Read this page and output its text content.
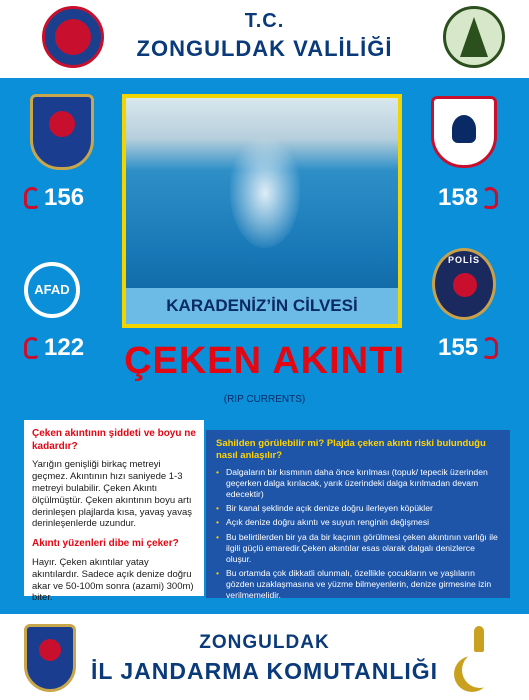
T.C.
ZONGULDAK VALİLİĞİ
156
AFAD
122
158
POLİS
155
KARADENİZ’İN CİLVESİ
ÇEKEN AKINTI
(RIP CURRENTS)
Çeken akıntının şiddeti ve boyu ne kadardır?

Yarığın genişliği birkaç metreyi geçmez. Akıntının hızı saniyede 1-3 metreyi bulabilir. Çeken Akıntı ölçülmüştür. Çeken akıntının boyu artı derinleşen plajlarda kısa, yavaş yavaş derinleşenlerde uzundur.

Akıntı yüzenleri dibe mi çeker?

Hayır. Çeken akıntılar yatay akıntılardır. Sadece açık denize doğru akar ve 50-100m sonra (azami) 300m) biter.

Sahilden görülebilir mi? Plajda çeken akıntı riski bulunduğu nasıl anlaşılır?
• Dalgaların bir kısmının daha önce kırılması (topuk/ tepecik üzerinden geçerken dalga kırılacak, yarık üzerindeki dalga kırılmadan devam edecektir)
• Bir kanal şeklinde açık denize doğru ilerleyen köpükler
• Açık denize doğru akıntı ve suyun renginin değişmesi
• Bu belirtilerden bir ya da bir kaçının görülmesi çeken akıntının varlığı ile ilgili güçlü emaredir.Çeken akıntılar esas olarak dalgalı denizlerce oluşur.
• Bu ortamda çok dikkatli olunmalı, özellikle çocukların ve yaşlıların gözden uzaklaşmasına ve yüzme bilmeyenlerin, denize girmesine izin verilmemelidir.
ZONGULDAK
İL JANDARMA KOMUTANLIĞI
